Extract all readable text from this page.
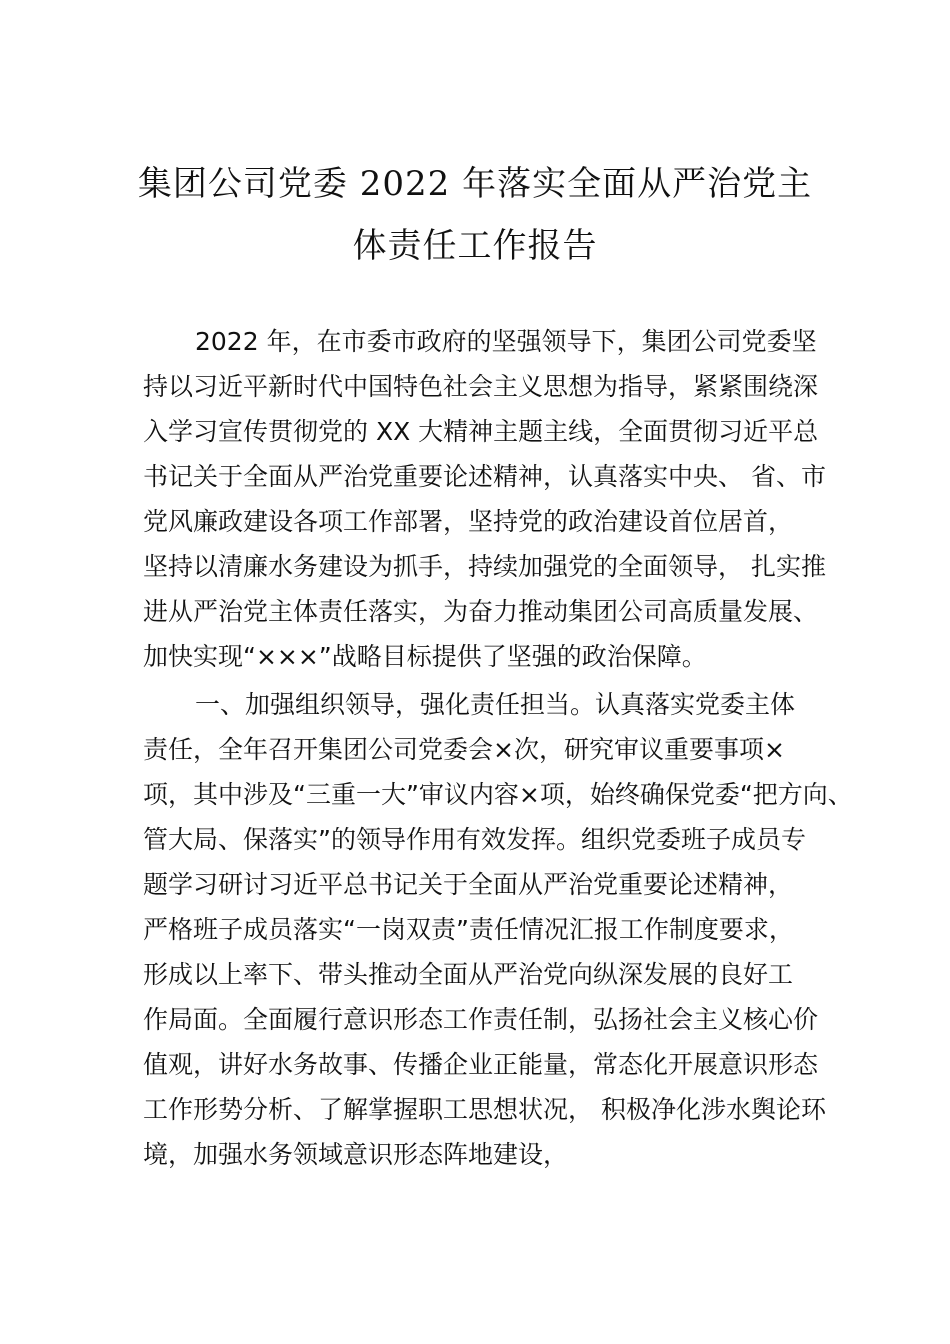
集团公司党委 2022 年落实全面从严治党主
体责任工作报告
2022 年，在市委市政府的坚强领导下，集团公司党委坚
持以习近平新时代中国特色社会主义思想为指导，紧紧围绕深
入学习宣传贯彻党的 XX 大精神主题主线，全面贯彻习近平总
书记关于全面从严治党重要论述精神，认真落实中央、 省、市
党风廉政建设各项工作部署，坚持党的政治建设首位居首，
坚持以清廉水务建设为抓手，持续加强党的全面领导， 扎实推
进从严治党主体责任落实，为奋力推动集团公司高质量发展、
加快实现“×××”战略目标提供了坚强的政治保障。
一、加强组织领导，强化责任担当。认真落实党委主体
责任，全年召开集团公司党委会×次，研究审议重要事项×
项，其中涉及“三重一大”审议内容×项，始终确保党委“把方向、
管大局、保落实”的领导作用有效发挥。组织党委班子成员专
题学习研讨习近平总书记关于全面从严治党重要论述精神，
严格班子成员落实“一岗双责”责任情况汇报工作制度要求，
形成以上率下、带头推动全面从严治党向纵深发展的良好工
作局面。全面履行意识形态工作责任制，弘扬社会主义核心价
值观，讲好水务故事、传播企业正能量，常态化开展意识形态
工作形势分析、了解掌握职工思想状况， 积极净化涉水舆论环
境，加强水务领域意识形态阵地建设，
